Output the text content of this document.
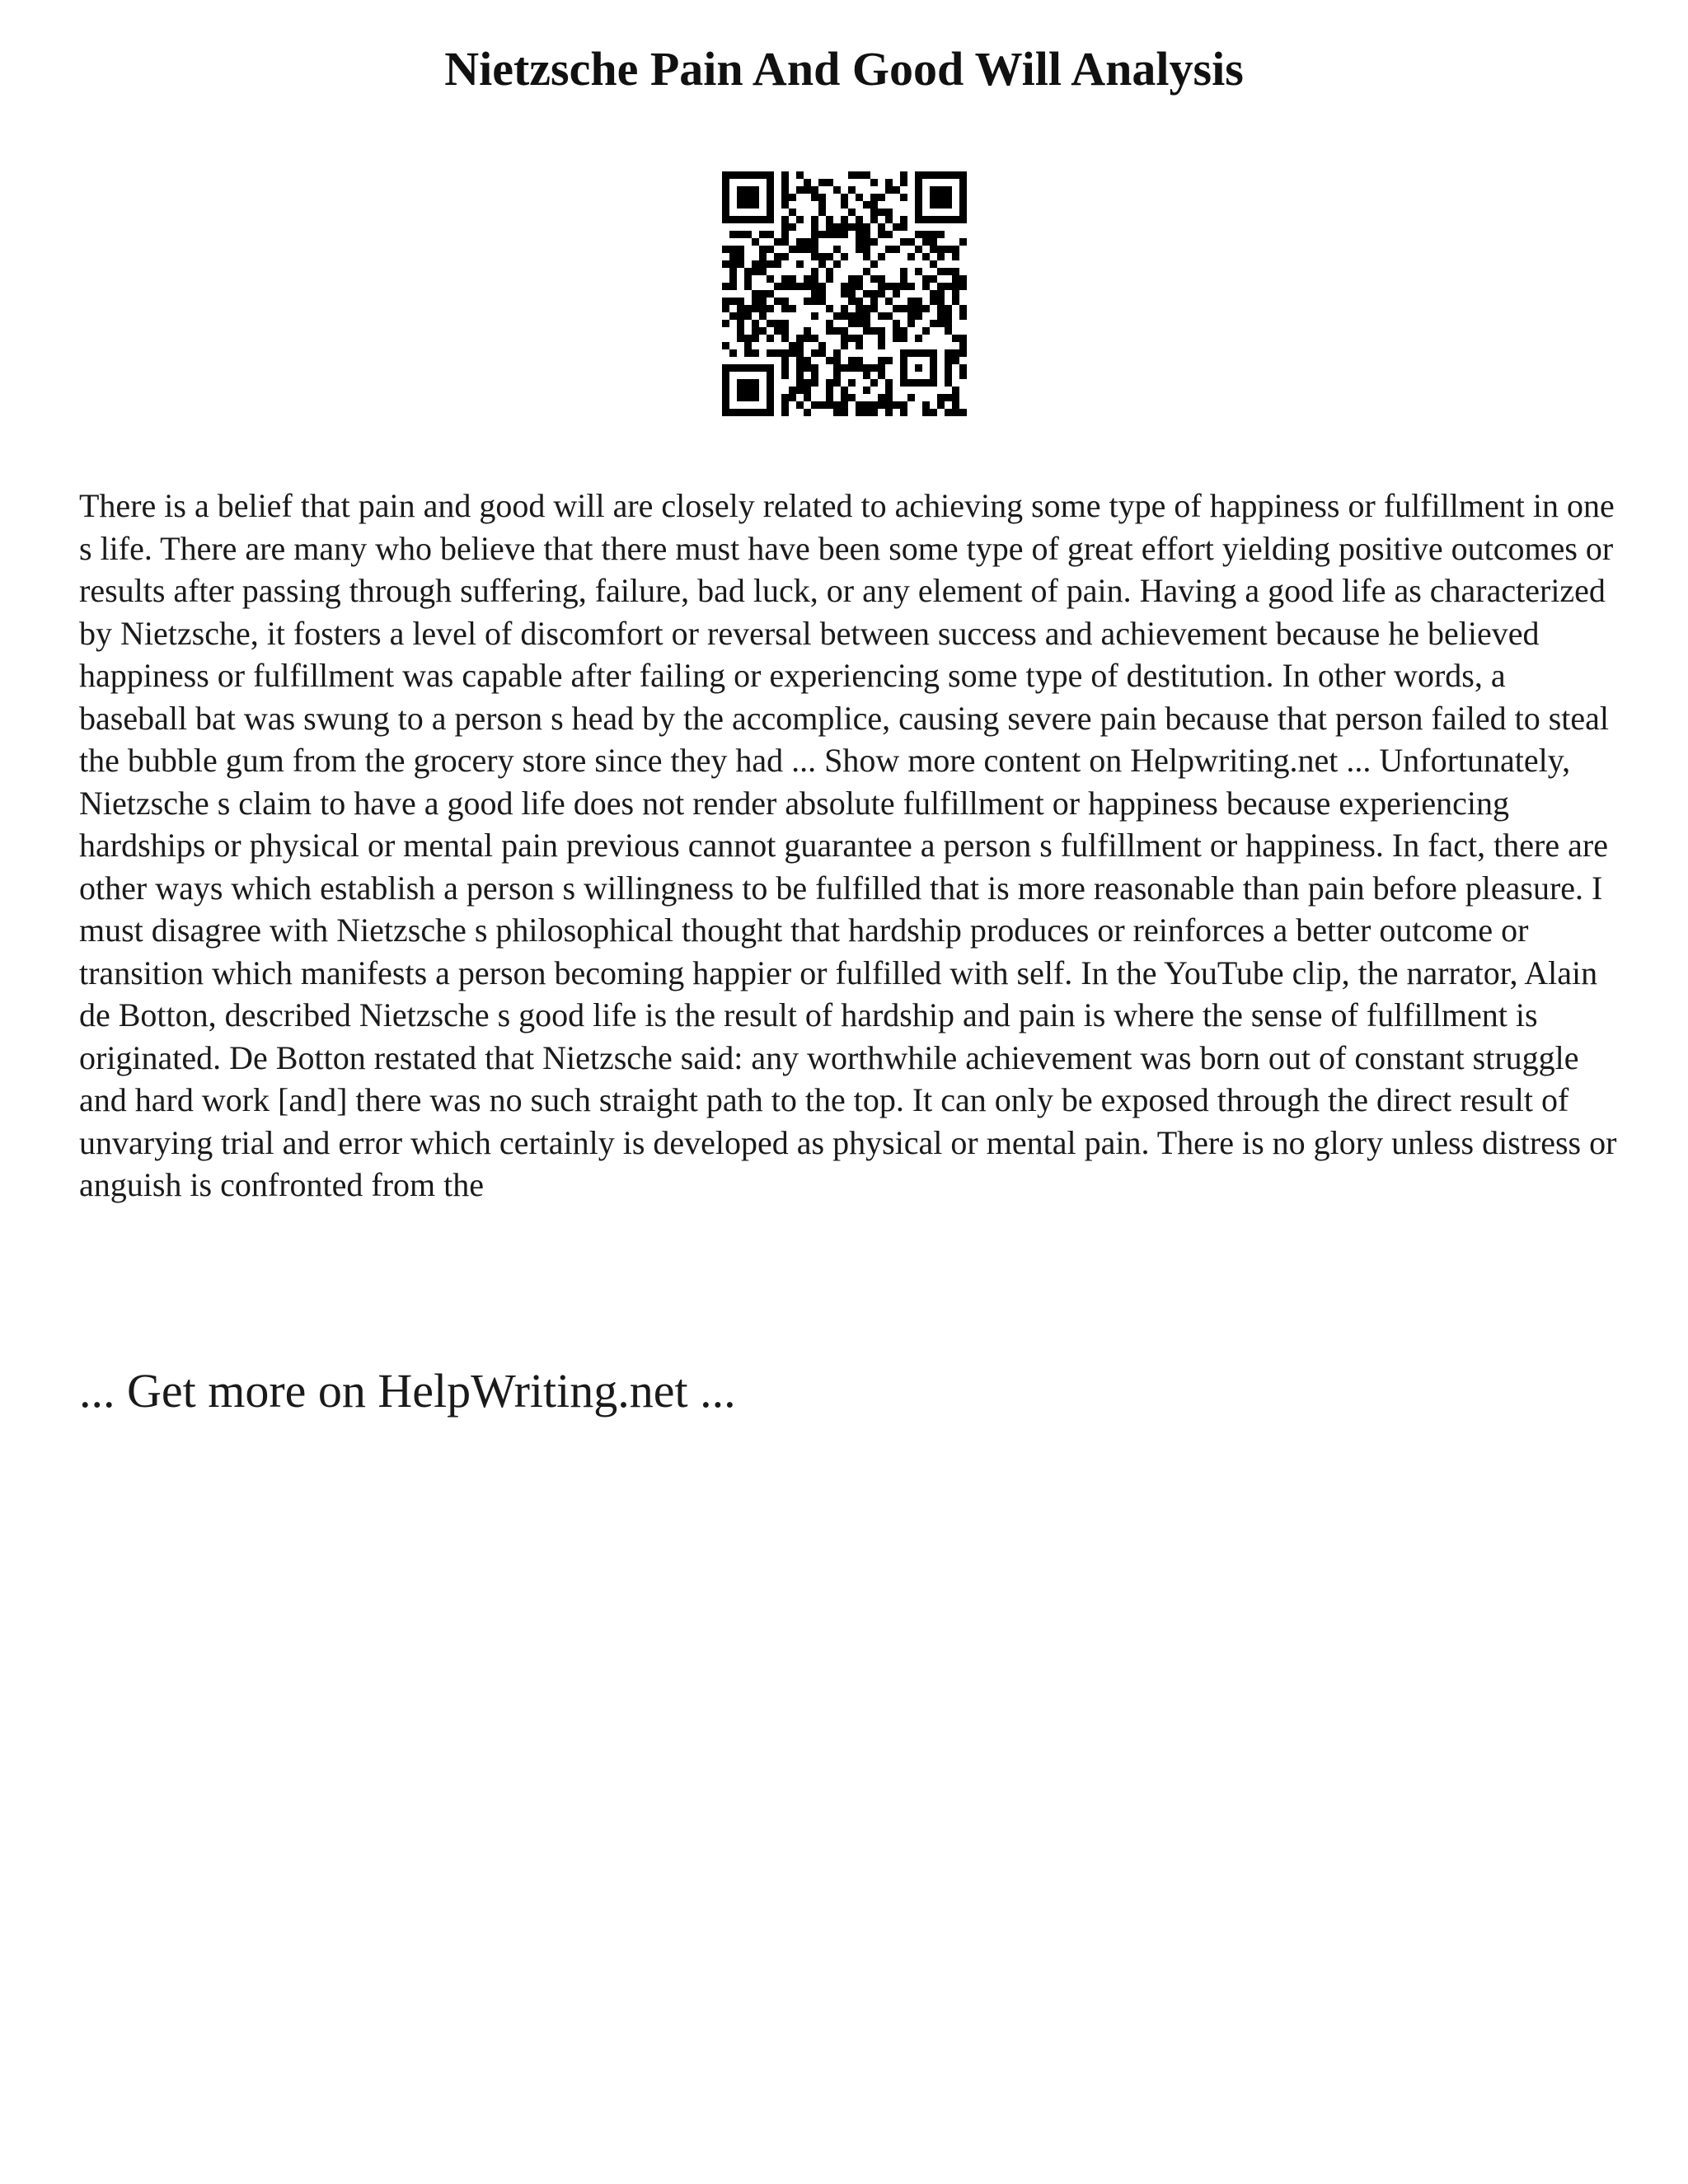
Nietzsche Pain And Good Will Analysis

There is a belief that pain and good will are closely related to achieving some type of happiness or fulfillment in one s life. There are many who believe that there must have been some type of great effort yielding positive outcomes or results after passing through suffering, failure, bad luck, or any element of pain. Having a good life as characterized by Nietzsche, it fosters a level of discomfort or reversal between success and achievement because he believed happiness or fulfillment was capable after failing or experiencing some type of destitution. In other words, a baseball bat was swung to a person s head by the accomplice, causing severe pain because that person failed to steal the bubble gum from the grocery store since they had ... Show more content on Helpwriting.net ... Unfortunately, Nietzsche s claim to have a good life does not render absolute fulfillment or happiness because experiencing hardships or physical or mental pain previous cannot guarantee a person s fulfillment or happiness. In fact, there are other ways which establish a person s willingness to be fulfilled that is more reasonable than pain before pleasure. I must disagree with Nietzsche s philosophical thought that hardship produces or reinforces a better outcome or transition which manifests a person becoming happier or fulfilled with self. In the YouTube clip, the narrator, Alain de Botton, described Nietzsche s good life is the result of hardship and pain is where the sense of fulfillment is originated. De Botton restated that Nietzsche said: any worthwhile achievement was born out of constant struggle and hard work [and] there was no such straight path to the top. It can only be exposed through the direct result of unvarying trial and error which certainly is developed as physical or mental pain. There is no glory unless distress or anguish is confronted from the

... Get more on HelpWriting.net ...
